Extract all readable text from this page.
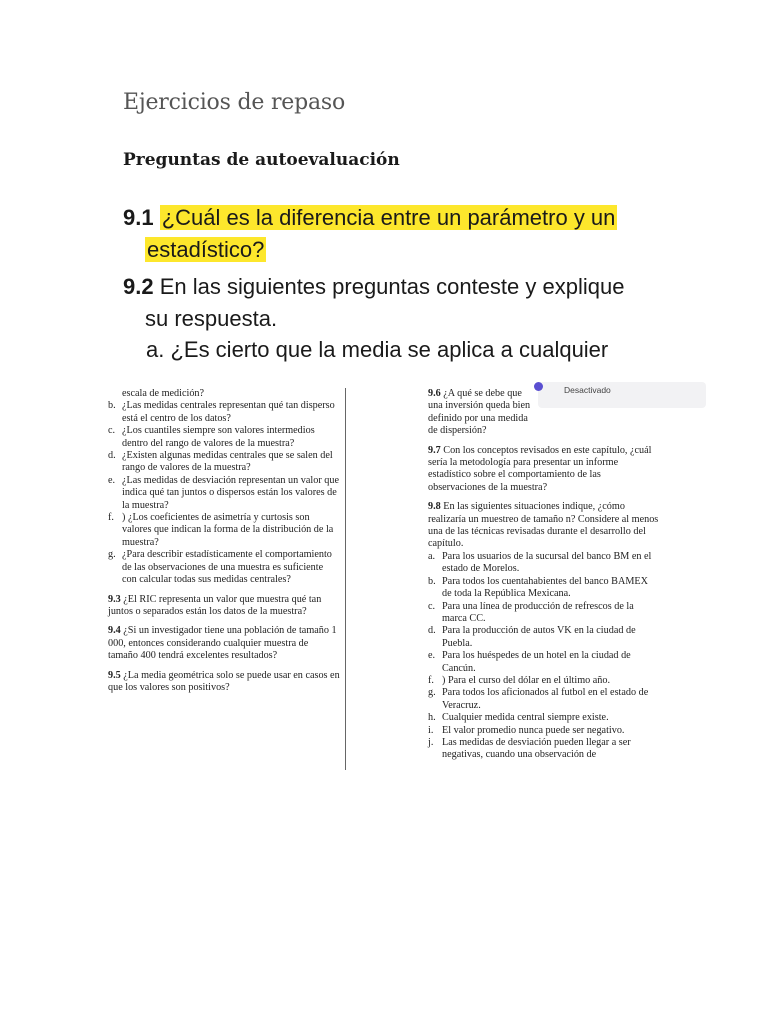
Ejercicios de repaso
Preguntas de autoevaluación
9.1 ¿Cuál es la diferencia entre un parámetro y un
estadístico?
9.2 En las siguientes preguntas conteste y explique
su respuesta.
a. ¿Es cierto que la media se aplica a cualquier
escala de medición?
b. ¿Las medidas centrales representan qué tan disperso está el centro de los datos?
c. ¿Los cuantiles siempre son valores intermedios dentro del rango de valores de la muestra?
d. ¿Existen algunas medidas centrales que se salen del rango de valores de la muestra?
e. ¿Las medidas de desviación representan un valor que indica qué tan juntos o dispersos están los valores de la muestra?
f. ) ¿Los coeficientes de asimetría y curtosis son valores que indican la forma de la distribución de la muestra?
g. ¿Para describir estadísticamente el comportamiento de las observaciones de una muestra es suficiente con calcular todas sus medidas centrales?
9.3 ¿El RIC representa un valor que muestra qué tan juntos o separados están los datos de la muestra?
9.4 ¿Si un investigador tiene una población de tamaño 1 000, entonces considerando cualquier muestra de tamaño 400 tendrá excelentes resultados?
9.5 ¿La media geométrica solo se puede usar en casos en que los valores son positivos?
Desactivado
9.6 ¿A qué se debe que una inversión queda bien definido por una medida de dispersión?
9.7 Con los conceptos revisados en este capítulo, ¿cuál sería la metodología para presentar un informe estadístico sobre el comportamiento de las observaciones de la muestra?
9.8 En las siguientes situaciones indique, ¿cómo realizaría un muestreo de tamaño n? Considere al menos una de las técnicas revisadas durante el desarrollo del capítulo.
a. Para los usuarios de la sucursal del banco BM en el estado de Morelos.
b. Para todos los cuentahabientes del banco BAMEX de toda la República Mexicana.
c. Para una línea de producción de refrescos de la marca CC.
d. Para la producción de autos VK en la ciudad de Puebla.
e. Para los huéspedes de un hotel en la ciudad de Cancún.
f. ) Para el curso del dólar en el último año.
g. Para todos los aficionados al futbol en el estado de Veracruz.
h. Cualquier medida central siempre existe.
i. El valor promedio nunca puede ser negativo.
j. Las medidas de desviación pueden llegar a ser negativas, cuando una observación de
